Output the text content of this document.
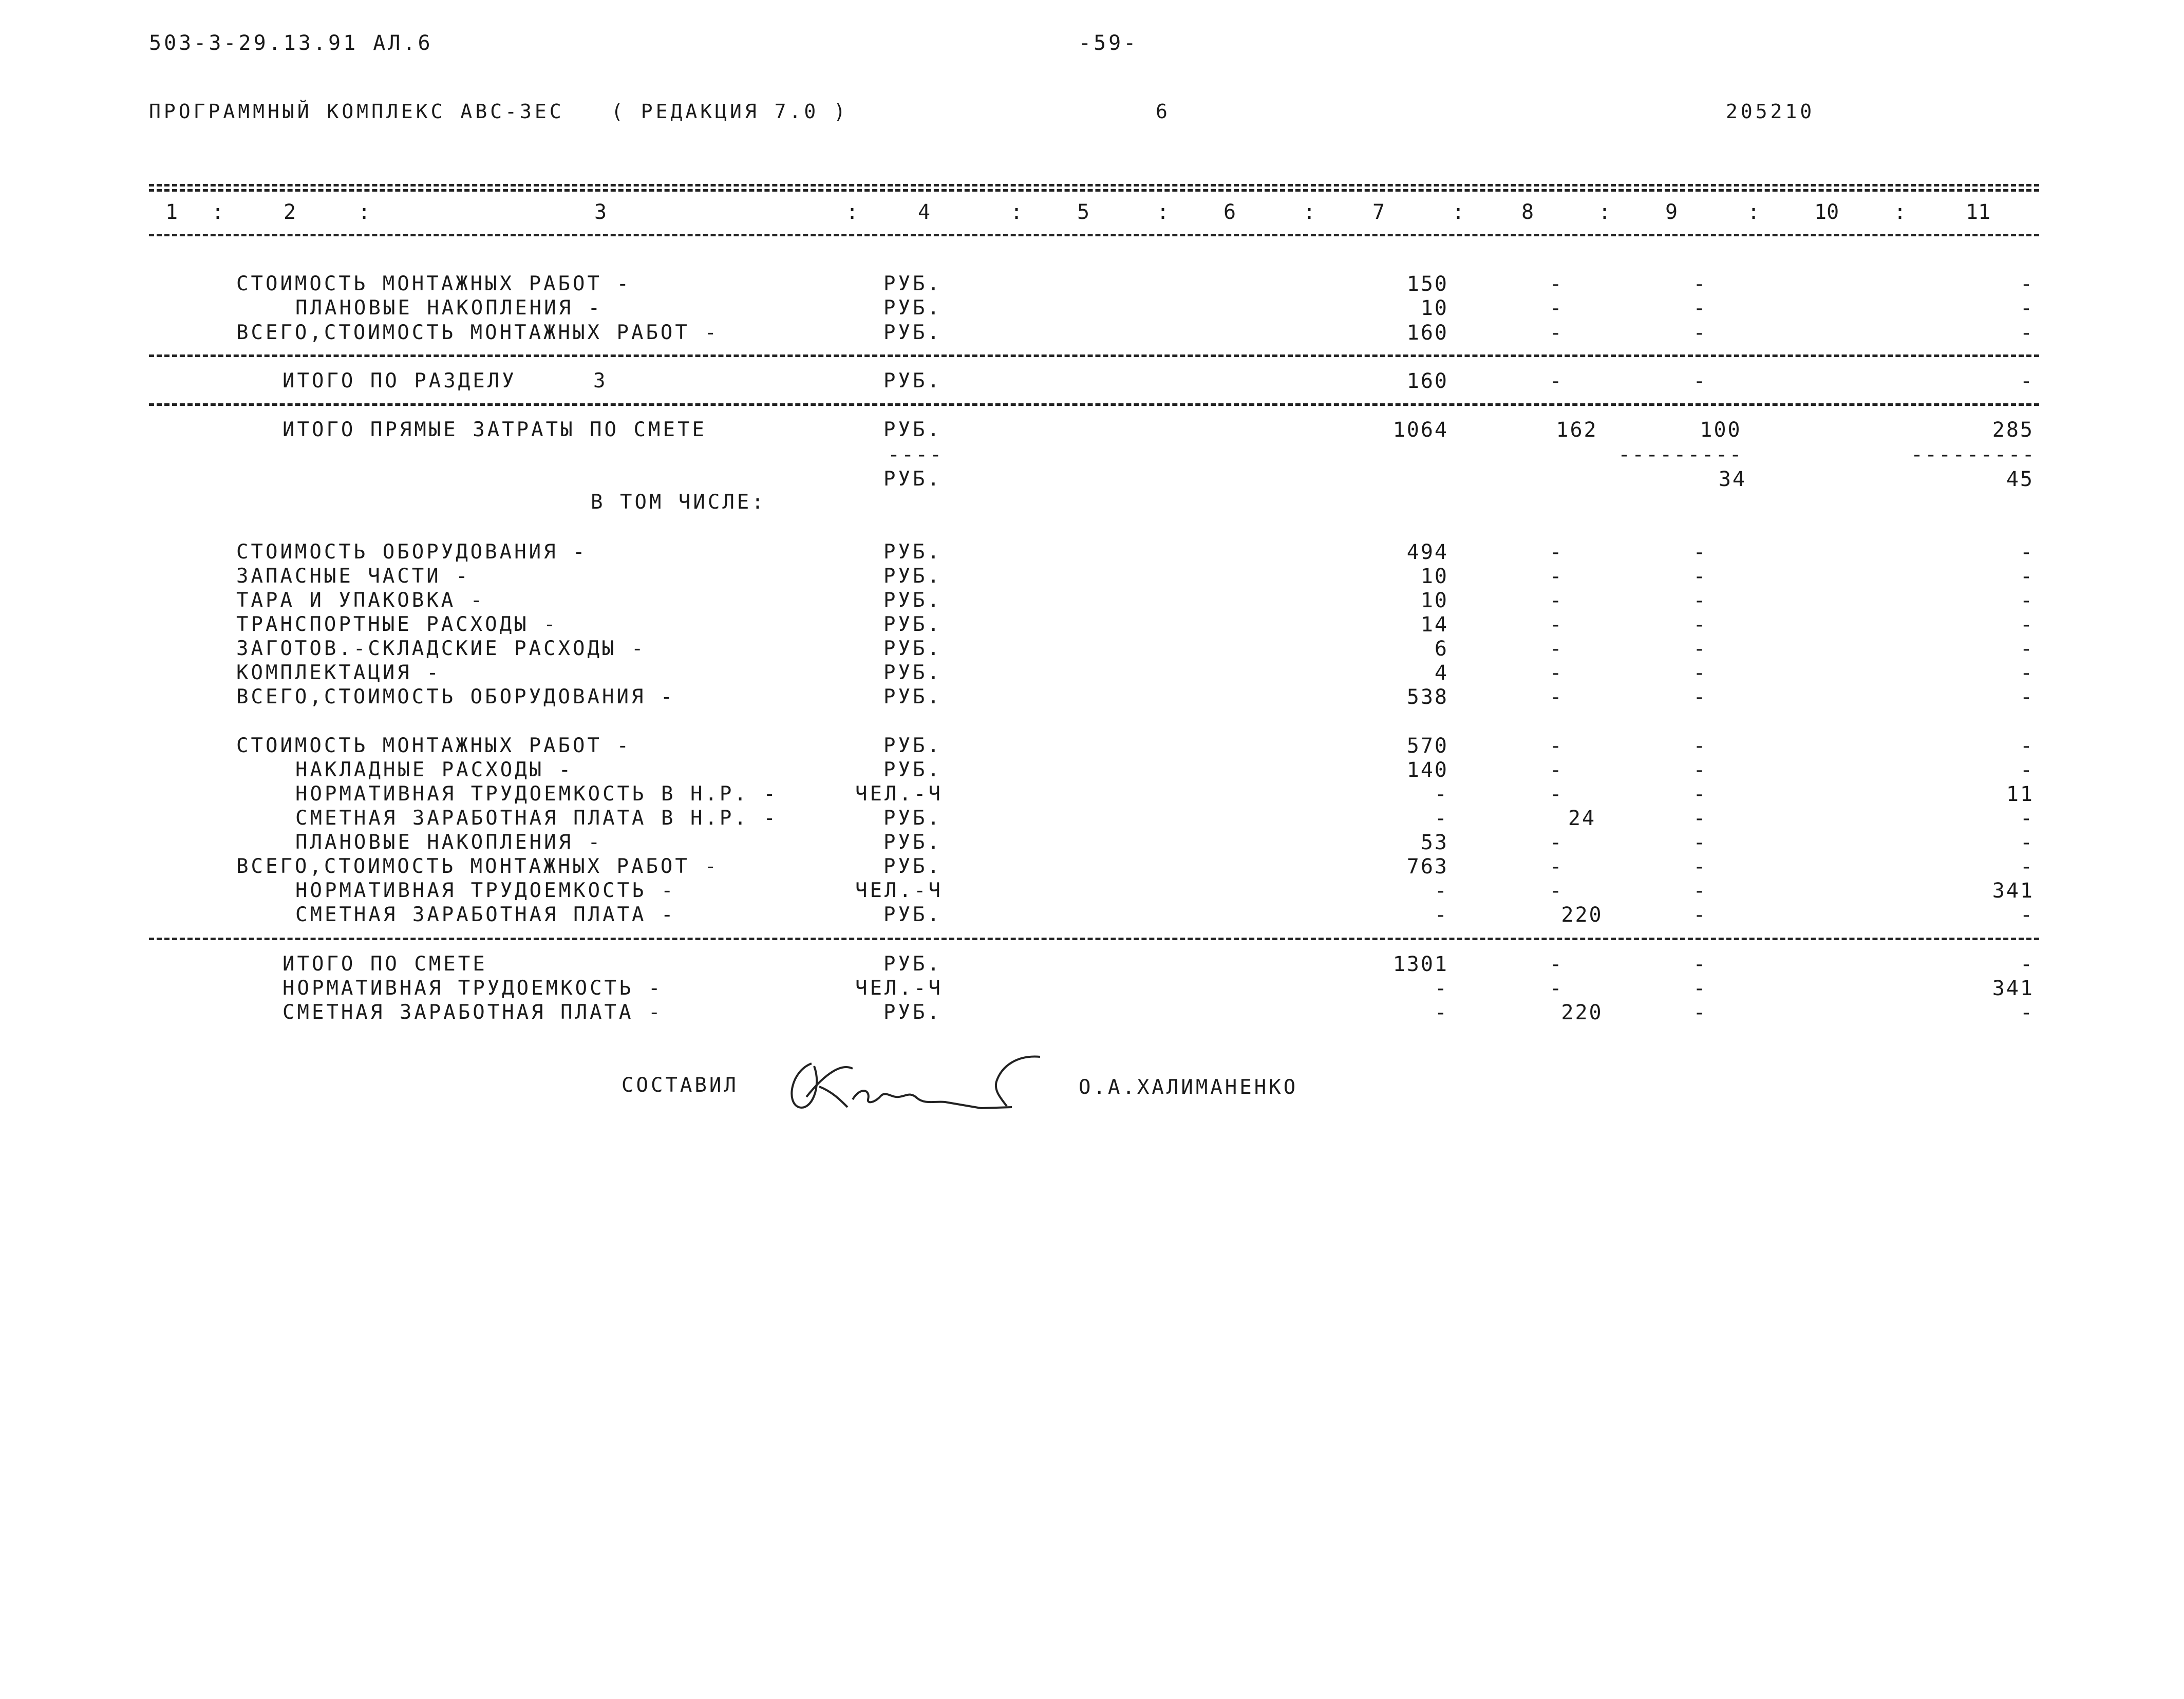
503-3-29.13.91 АЛ.6	-59-
ПРОГРАММНЫЙ КОМПЛЕКС АВС-3ЕС ( РЕДАКЦИЯ 7.0 )	6	205210
1 :	2	:	3	:	4	:	5	:	6	:	7	:	8	:	9	:	10	:	11
СТОИМОСТЬ МОНТАЖНЫХ РАБОТ -	РУБ.	150	-	-	-
ПЛАНОВЫЕ НАКОПЛЕНИЯ -	РУБ.	10	-	-	-
ВСЕГО,СТОИМОСТЬ МОНТАЖНЫХ РАБОТ -	РУБ.	160	-	-	-
ИТОГО ПО РАЗДЕЛУ	3	РУБ.	160	-	-	-
ИТОГО ПРЯМЫЕ ЗАТРАТЫ ПО СМЕТЕ	РУБ.	1064	162	100	285
----	---------	---------
РУБ.	34	45
В ТОМ ЧИСЛЕ:
СТОИМОСТЬ ОБОРУДОВАНИЯ -	РУБ.	494	-	-	-
ЗАПАСНЫЕ ЧАСТИ -	РУБ.	10	-	-	-
ТАРА И УПАКОВКА -	РУБ.	10	-	-	-
ТРАНСПОРТНЫЕ РАСХОДЫ -	РУБ.	14	-	-	-
ЗАГОТОВ.-СКЛАДСКИЕ РАСХОДЫ -	РУБ.	6	-	-	-
КОМПЛЕКТАЦИЯ -	РУБ.	4	-	-	-
ВСЕГО,СТОИМОСТЬ ОБОРУДОВАНИЯ -	РУБ.	538	-	-	-
СТОИМОСТЬ МОНТАЖНЫХ РАБОТ -	РУБ.	570	-	-	-
НАКЛАДНЫЕ РАСХОДЫ -	РУБ.	140	-	-	-
НОРМАТИВНАЯ ТРУДОЕМКОСТЬ В Н.Р. -	ЧЕЛ.-Ч	-	-	-	11
СМЕТНАЯ ЗАРАБОТНАЯ ПЛАТА В Н.Р. -	РУБ.	-	24	-	-
ПЛАНОВЫЕ НАКОПЛЕНИЯ -	РУБ.	53	-	-	-
ВСЕГО,СТОИМОСТЬ МОНТАЖНЫХ РАБОТ -	РУБ.	763	-	-	-
НОРМАТИВНАЯ ТРУДОЕМКОСТЬ -	ЧЕЛ.-Ч	-	-	-	341
СМЕТНАЯ ЗАРАБОТНАЯ ПЛАТА -	РУБ.	-	220	-	-
ИТОГО ПО СМЕТЕ	РУБ.	1301	-	-	-
НОРМАТИВНАЯ ТРУДОЕМКОСТЬ -	ЧЕЛ.-Ч	-	-	-	341
СМЕТНАЯ ЗАРАБОТНАЯ ПЛАТА -	РУБ.	-	220	-	-
СОСТАВИЛ	О.А.ХАЛИМАНЕНКО
